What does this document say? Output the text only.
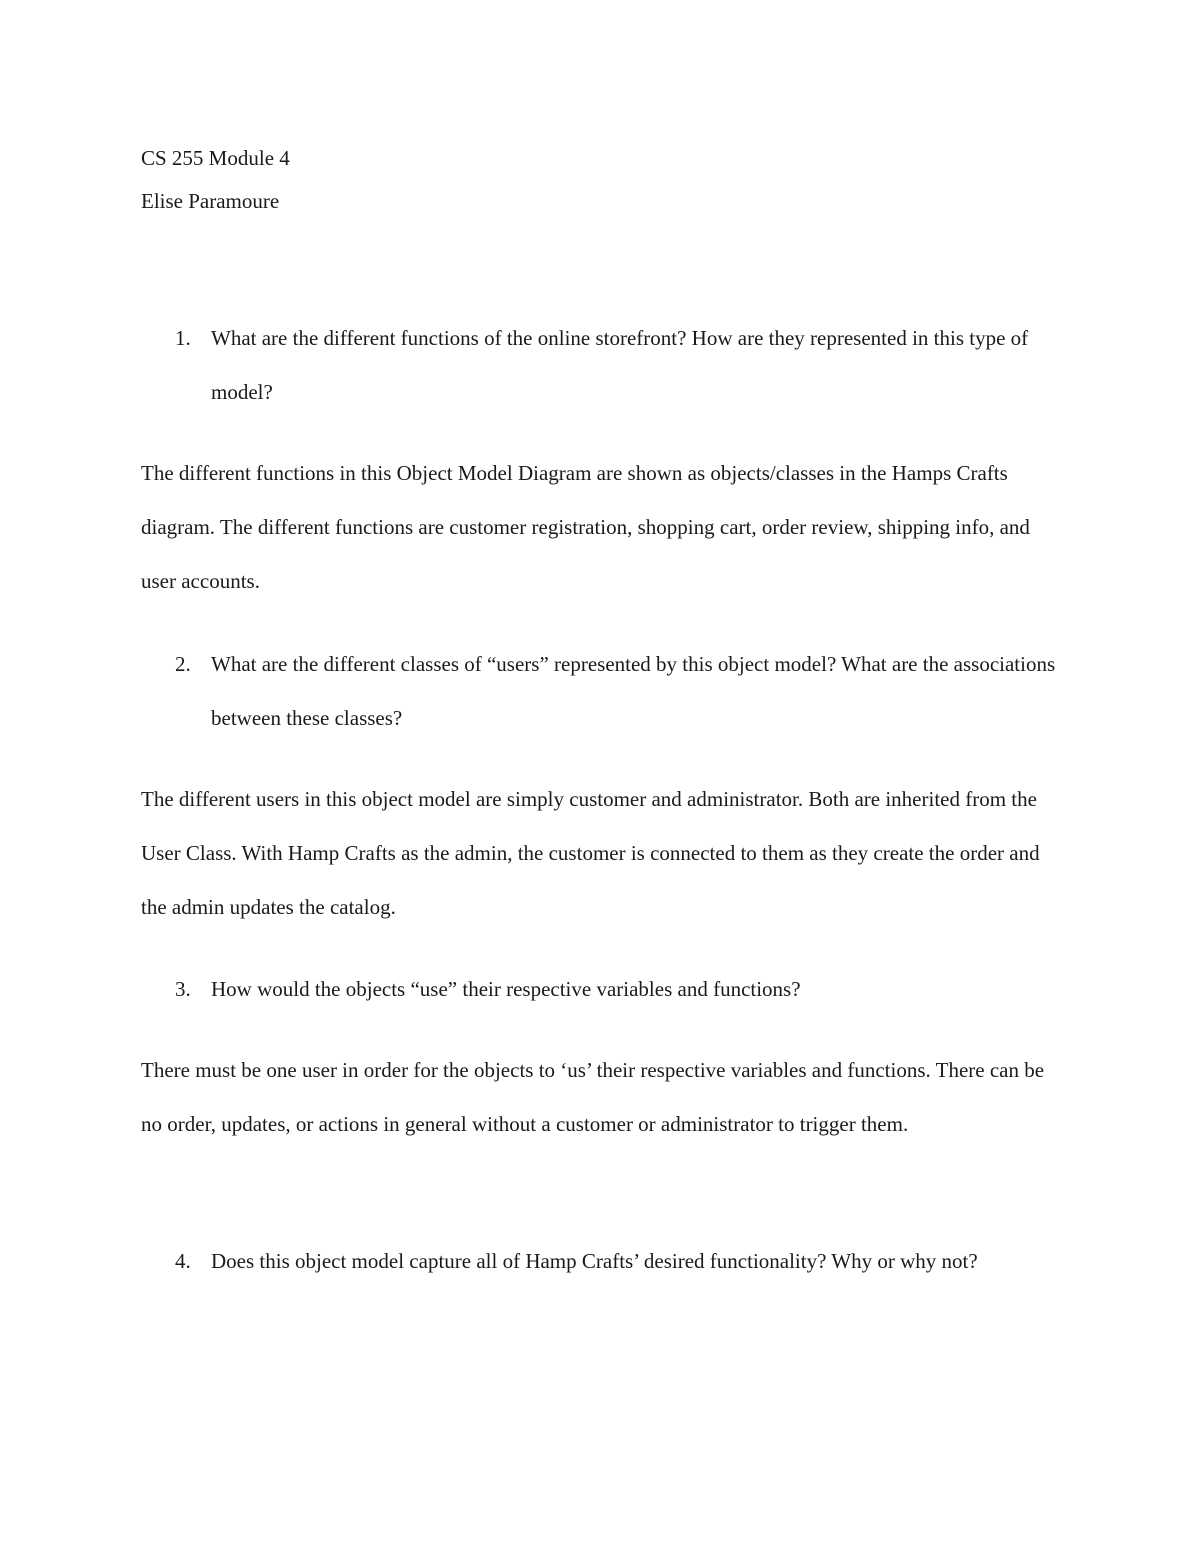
CS 255 Module 4
Elise Paramoure
1. What are the different functions of the online storefront? How are they represented in this type of model?
The different functions in this Object Model Diagram are shown as objects/classes in the Hamps Crafts diagram. The different functions are customer registration, shopping cart, order review, shipping info, and user accounts.
2. What are the different classes of “users” represented by this object model? What are the associations between these classes?
The different users in this object model are simply customer and administrator. Both are inherited from the User Class. With Hamp Crafts as the admin, the customer is connected to them as they create the order and the admin updates the catalog.
3. How would the objects “use” their respective variables and functions?
There must be one user in order for the objects to ‘us’ their respective variables and functions. There can be no order, updates, or actions in general without a customer or administrator to trigger them.
4. Does this object model capture all of Hamp Crafts’ desired functionality? Why or why not?
